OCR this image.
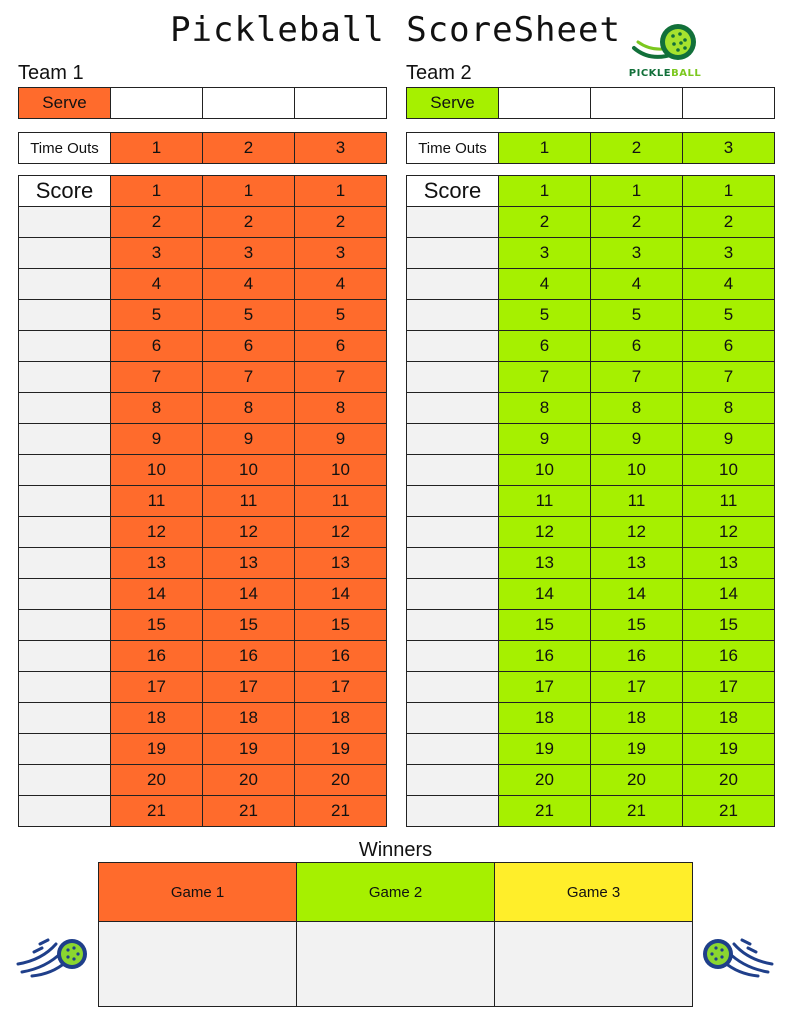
Pickleball ScoreSheet
PICKLEBALL
Team 1	Team 2
Serve				Serve			
Time Outs	1	2	3	Time Outs	1	2	3
Score	1	1	1
	2	2	2
	3	3	3
	4	4	4
	5	5	5
	6	6	6
	7	7	7
	8	8	8
	9	9	9
	10	10	10
	11	11	11
	12	12	12
	13	13	13
	14	14	14
	15	15	15
	16	16	16
	17	17	17
	18	18	18
	19	19	19
	20	20	20
	21	21	21
Score	1	1	1
	2	2	2
	3	3	3
	4	4	4
	5	5	5
	6	6	6
	7	7	7
	8	8	8
	9	9	9
	10	10	10
	11	11	11
	12	12	12
	13	13	13
	14	14	14
	15	15	15
	16	16	16
	17	17	17
	18	18	18
	19	19	19
	20	20	20
	21	21	21
Winners
Game 1	Game 2	Game 3
